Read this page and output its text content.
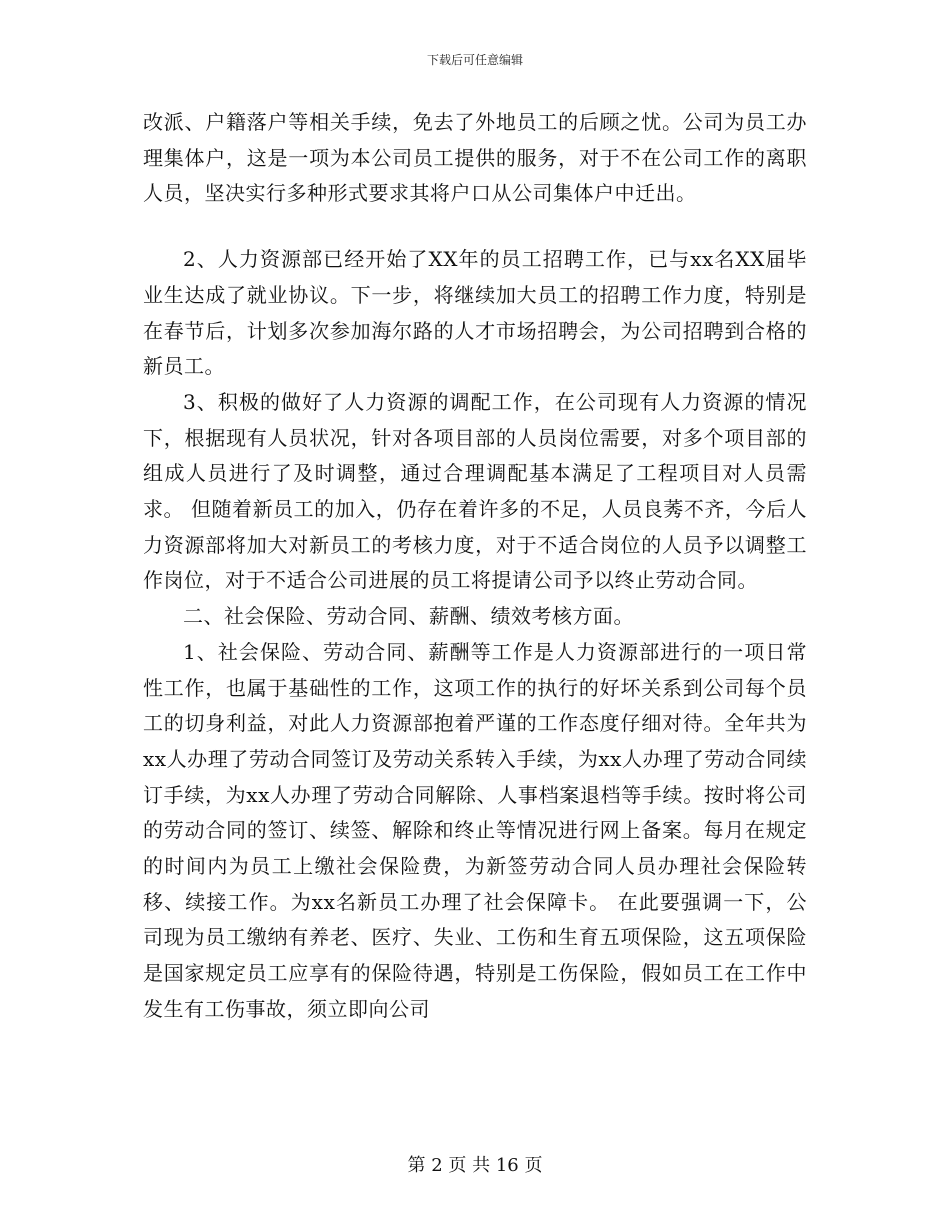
下载后可任意编辑

改派、户籍落户等相关手续，免去了外地员工的后顾之忧。公司为员工办理集体户，这是一项为本公司员工提供的服务，对于不在公司工作的离职人员，坚决实行多种形式要求其将户口从公司集体户中迁出。

2、人力资源部已经开始了XX年的员工招聘工作，已与xx名XX届毕业生达成了就业协议。下一步，将继续加大员工的招聘工作力度，特别是在春节后，计划多次参加海尔路的人才市场招聘会，为公司招聘到合格的新员工。

3、积极的做好了人力资源的调配工作，在公司现有人力资源的情况下，根据现有人员状况，针对各项目部的人员岗位需要，对多个项目部的组成人员进行了及时调整，通过合理调配基本满足了工程项目对人员需求。 但随着新员工的加入，仍存在着许多的不足，人员良莠不齐，今后人力资源部将加大对新员工的考核力度，对于不适合岗位的人员予以调整工作岗位，对于不适合公司进展的员工将提请公司予以终止劳动合同。

二、社会保险、劳动合同、薪酬、绩效考核方面。

1、社会保险、劳动合同、薪酬等工作是人力资源部进行的一项日常性工作，也属于基础性的工作，这项工作的执行的好坏关系到公司每个员工的切身利益，对此人力资源部抱着严谨的工作态度仔细对待。全年共为xx人办理了劳动合同签订及劳动关系转入手续，为xx人办理了劳动合同续订手续，为xx人办理了劳动合同解除、人事档案退档等手续。按时将公司的劳动合同的签订、续签、解除和终止等情况进行网上备案。每月在规定的时间内为员工上缴社会保险费，为新签劳动合同人员办理社会保险转移、续接工作。为xx名新员工办理了社会保障卡。 在此要强调一下，公司现为员工缴纳有养老、医疗、失业、工伤和生育五项保险，这五项保险是国家规定员工应享有的保险待遇，特别是工伤保险，假如员工在工作中发生有工伤事故，须立即向公司

第 2 页 共 16 页
